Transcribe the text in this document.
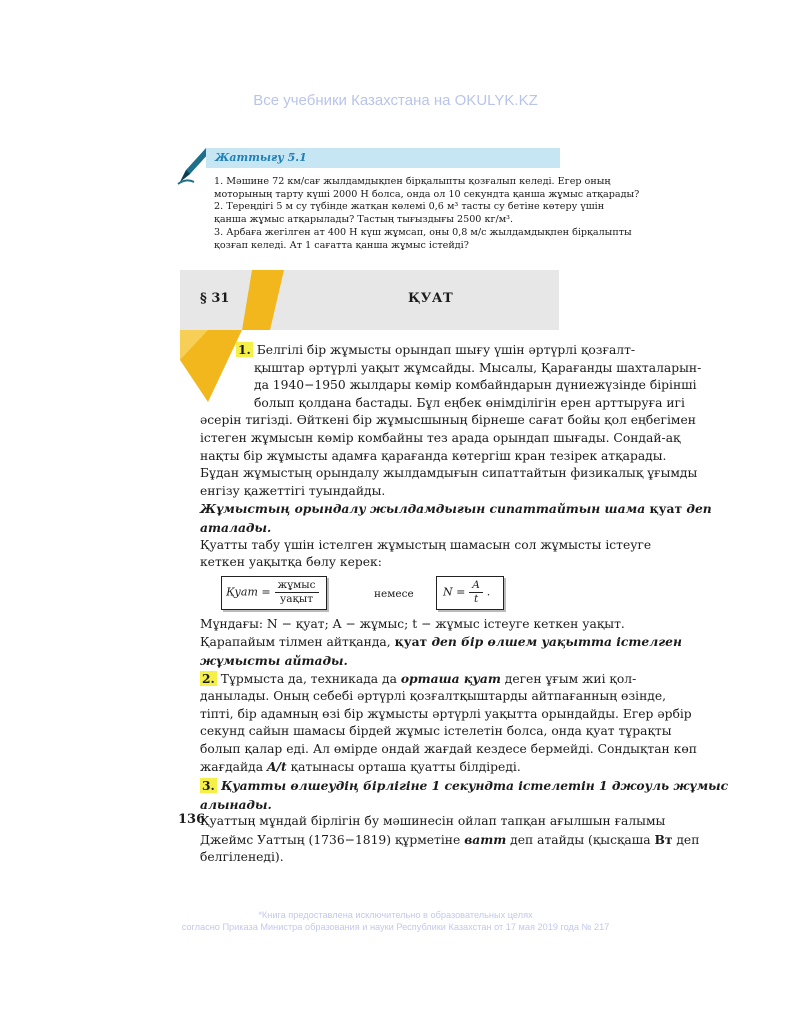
Все учебники Казахстана на OKULYK.KZ
Жаттығу 5.1
1. Мәшине 72 км/сағ жылдамдықпен бірқалыпты қозғалып келеді. Егер оның
моторының тарту күші 2000 Н болса, онда ол 10 секундта қанша жұмыс атқарады?
2. Тереңдігі 5 м су түбінде жатқан көлемі 0,6 м³ тасты су бетіне көтеру үшін
қанша жұмыс атқарылады? Тастың тығыздығы 2500 кг/м³.
3. Арбаға жегілген ат 400 Н күш жұмсап, оны 0,8 м/с жылдамдықпен бірқалыпты
қозғап келеді. Ат 1 сағатта қанша жұмыс істейді?
§ 31	ҚУАТ

1. Белгілі бір жұмысты орындап шығу үшін әртүрлі қозғалт-

қыштар әртүрлі уақыт жұмсайды. Мысалы, Қарағанды шахталарын-

да 1940−1950 жылдары көмір комбайндарын дүниежүзінде бірінші

болып қолдана бастады. Бұл еңбек өнімділігін ерен арттыруға игі

әсерін тигізді. Өйткені бір жұмысшының бірнеше сағат бойы қол еңбегімен

істеген жұмысын көмір комбайны тез арада орындап шығады. Сондай-ақ

нақты бір жұмысты адамға қарағанда көтергіш кран тезірек атқарады.

Бұдан жұмыстың орындалу жылдамдығын сипаттайтын физикалық ұғымды

енгізу қажеттігі туындайды.

Жұмыстың орындалу жылдамдығын сипаттайтын шама қуат деп

аталады.

Қуатты табу үшін істелген жұмыстың шамасын сол жұмысты істеуге

кеткен уақытқа бөлу керек:

Қуат = $\frac{\text{жұмыс}}{\text{уақыт}}$	немесе	$N = \frac{A}{t}$ .

Мұндағы: N − қуат; A − жұмыс; t − жұмыс істеуге кеткен уақыт.

Қарапайым тілмен айтқанда, қуат деп бір өлшем уақытта істелген

жұмысты айтады.

2. Тұрмыста да, техникада да орташа қуат деген ұғым жиі қол-

данылады. Оның себебі әртүрлі қозғалтқыштарды айтпағанның өзінде,

тіпті, бір адамның өзі бір жұмысты әртүрлі уақытта орындайды. Егер әрбір

секунд сайын шамасы бірдей жұмыс істелетін болса, онда қуат тұрақты

болып қалар еді. Ал өмірде ондай жағдай кездесе бермейді. Сондықтан көп

жағдайда A/t қатынасы орташа қуатты білдіреді.

3. Қуатты өлшеудің бірлігіне 1 секундта істелетін 1 джоуль жұмыс

алынады.

Қуаттың мұндай бірлігін бу мәшинесін ойлап тапқан ағылшын ғалымы

Джеймс Уаттың (1736−1819) құрметіне ватт деп атайды (қысқаша Вт деп

белгіленеді).

136
*Книга предоставлена исключительно в образовательных целях
согласно Приказа Министра образования и науки Республики Казахстан от 17 мая 2019 года № 217
